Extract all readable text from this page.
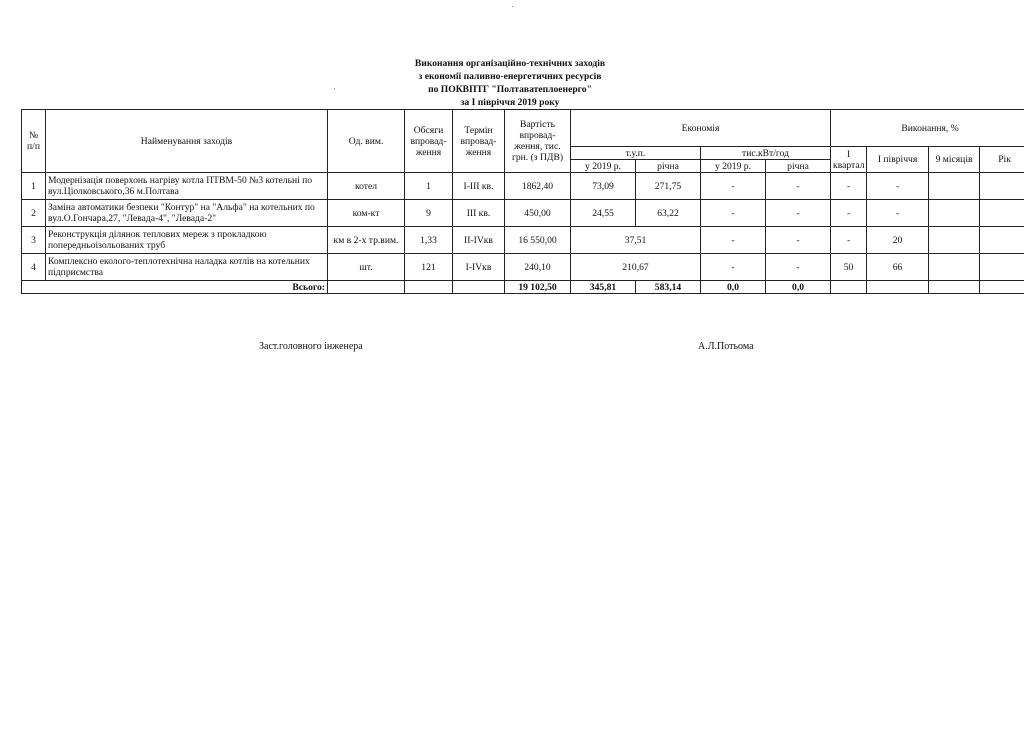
Виконання організаційно-технічних заходів
з економії паливно-енергетичних ресурсів
по ПОКВПТГ "Полтаватеплоенерго"
за І півріччя 2019 року
№ п/п	Найменування заходів	Од. вим.	Обсяги впровад-ження	Термін впровад-ження	Вартість впровад-ження, тис. грн. (з ПДВ)	Економія				Виконання, %			
						т.у.п.		тис.кВт/год		І квартал	І півріччя	9 місяців	Рік
						у 2019 р.	річна	у 2019 р.	річна				
1	Модернізація поверхонь нагріву котла ПТВМ-50 №3 котельні по вул.Ціолковського,36 м.Полтава	котел	1	І-ІІІ кв.	1862,40	73,09	271,75	-	-	-	-		
2	Заміна автоматики безпеки "Контур" на "Альфа" на котельних по вул.О.Гончара,27, "Левада-4", "Левада-2"	ком-кт	9	ІІІ кв.	450,00	24,55	63,22	-	-	-	-		
3	Реконструкція ділянок теплових мереж з прокладкою попередньоізольованих труб	км в 2-х тр.вим.	1,33	ІІ-ІVкв	16 550,00	37,51		-	-	-	20		
4	Комплексно еколого-теплотехнічна наладка котлів на котельних підприємства	шт.	121	І-ІVкв	240,10	210,67		-	-	50	66		
Всього:					19 102,50	345,81	583,14	0,0	0,0				
Заст.головного інженера	А.Л.Потьома
